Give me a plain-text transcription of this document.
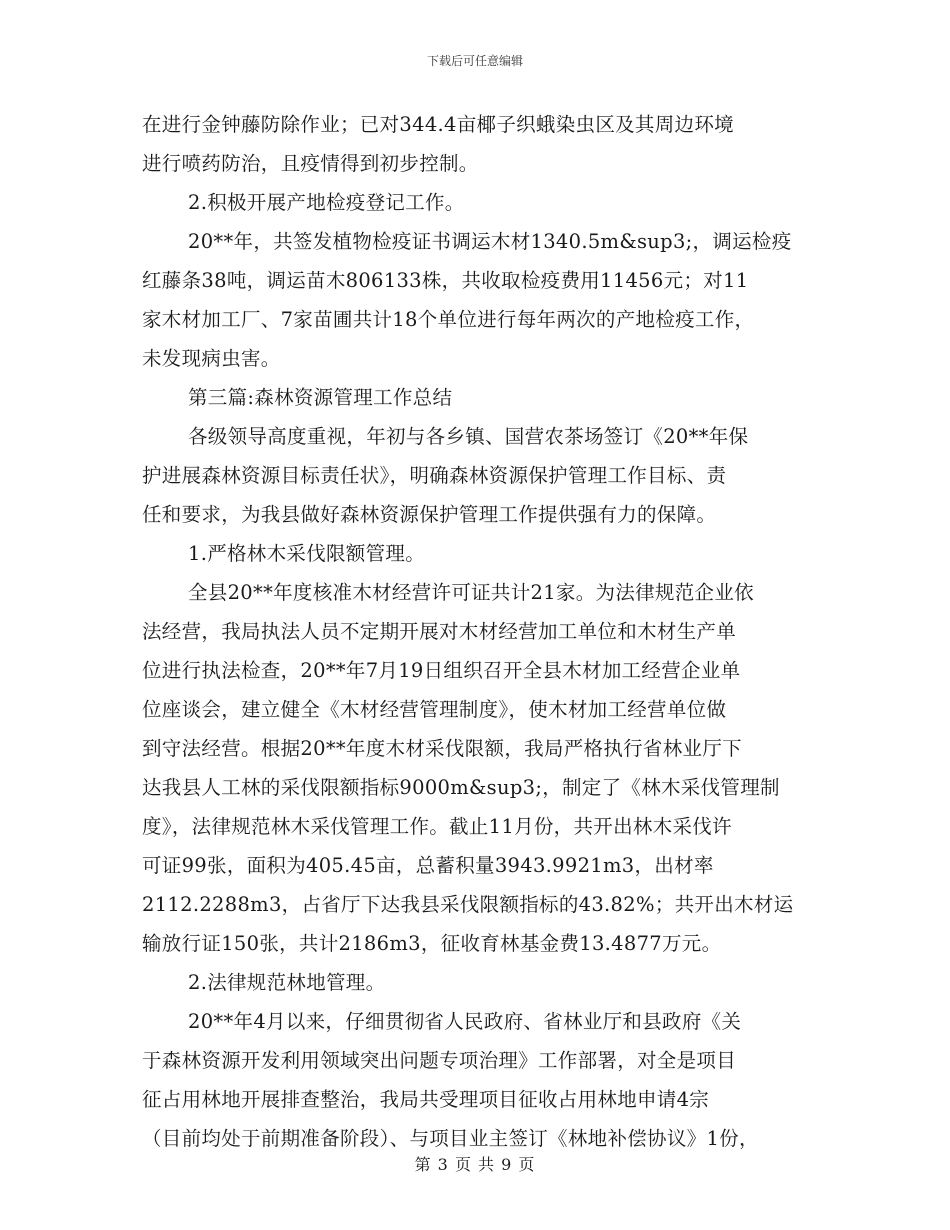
下载后可任意编辑
在进行金钟藤防除作业；已对344.4亩椰子织蛾染虫区及其周边环境
进行喷药防治，且疫情得到初步控制。
2.积极开展产地检疫登记工作。
20**年，共签发植物检疫证书调运木材1340.5m&sup3;，调运检疫
红藤条38吨，调运苗木806133株，共收取检疫费用11456元；对11
家木材加工厂、7家苗圃共计18个单位进行每年两次的产地检疫工作，
未发现病虫害。
第三篇:森林资源管理工作总结
各级领导高度重视，年初与各乡镇、国营农茶场签订《20**年保
护进展森林资源目标责任状》，明确森林资源保护管理工作目标、责
任和要求，为我县做好森林资源保护管理工作提供强有力的保障。
1.严格林木采伐限额管理。
全县20**年度核准木材经营许可证共计21家。为法律规范企业依
法经营，我局执法人员不定期开展对木材经营加工单位和木材生产单
位进行执法检查，20**年7月19日组织召开全县木材加工经营企业单
位座谈会，建立健全《木材经营管理制度》，使木材加工经营单位做
到守法经营。根据20**年度木材采伐限额，我局严格执行省林业厅下
达我县人工林的采伐限额指标9000m&sup3;，制定了《林木采伐管理制
度》，法律规范林木采伐管理工作。截止11月份，共开出林木采伐许
可证99张，面积为405.45亩，总蓄积量3943.9921m3，出材率
2112.2288m3，占省厅下达我县采伐限额指标的43.82%；共开出木材运
输放行证150张，共计2186m3，征收育林基金费13.4877万元。
2.法律规范林地管理。
20**年4月以来，仔细贯彻省人民政府、省林业厅和县政府《关
于森林资源开发利用领域突出问题专项治理》工作部署，对全是项目
征占用林地开展排查整治，我局共受理项目征收占用林地申请4宗
（目前均处于前期准备阶段）、与项目业主签订《林地补偿协议》1份，
第 3 页 共 9 页
